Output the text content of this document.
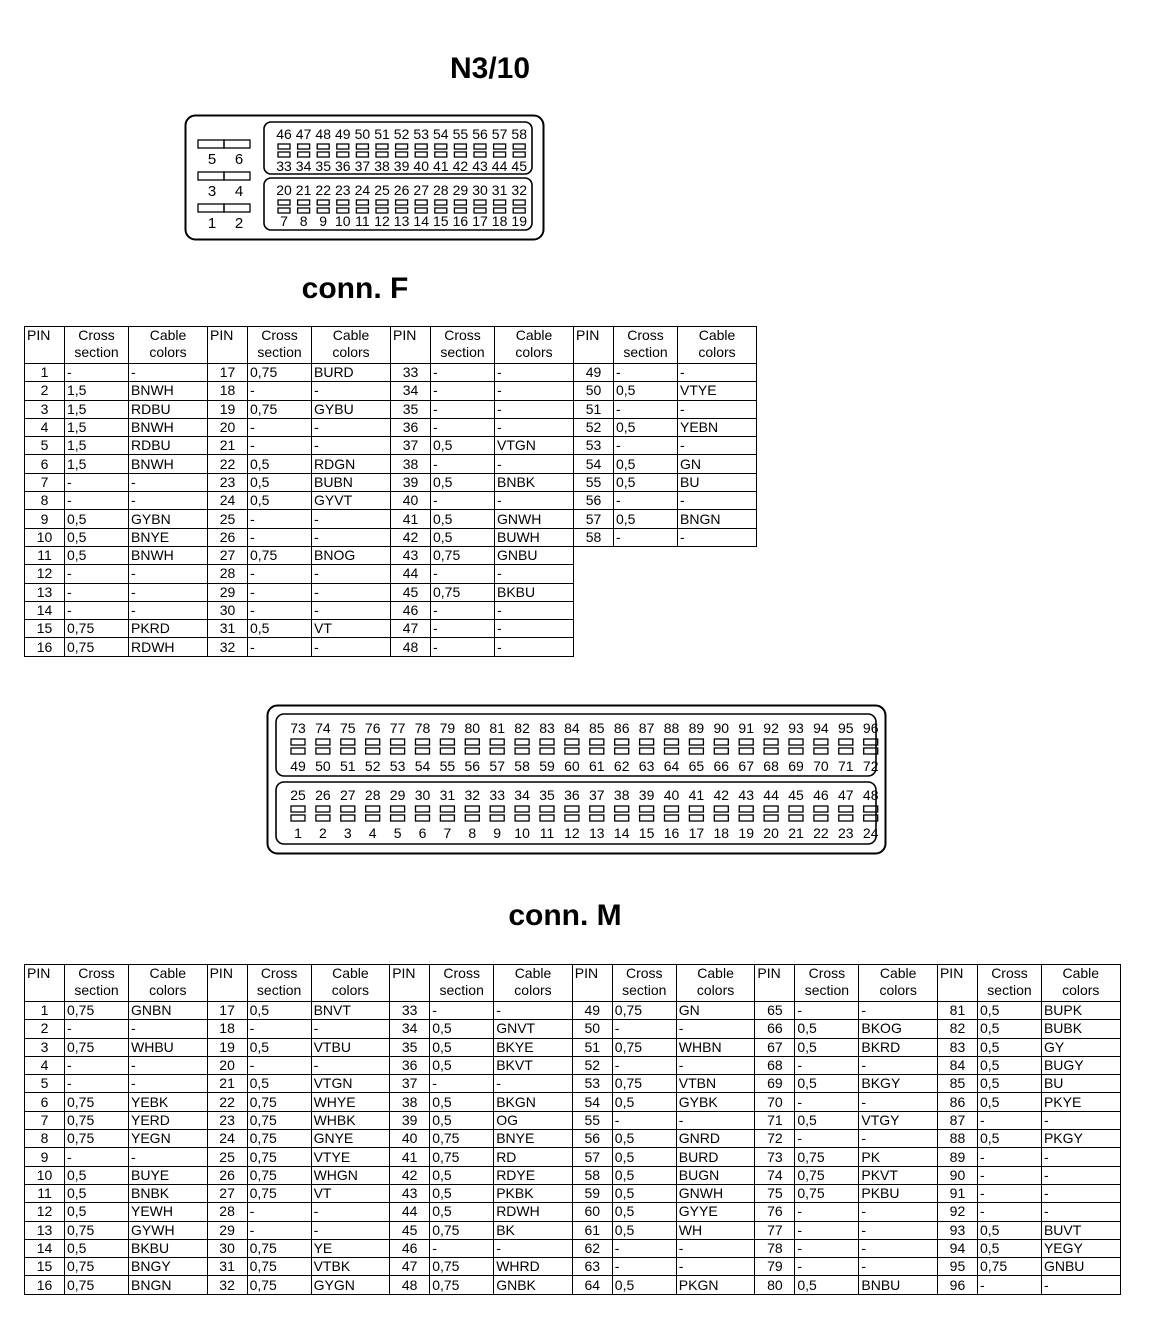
N3/10
5 6
3 4
1 2
46
33
20
7
47
34
21
8
48
35
22
9
49
36
23
10
50
37
24
11
51
38
25
12
52
39
26
13
53
40
27
14
54
41
28
15
55
42
29
16
56
43
30
17
57
44
31
18
58
45
32
19
conn. F
PIN	Cross
section	Cable
colors	PIN	Cross
section	Cable
colors	PIN	Cross
section	Cable
colors	PIN	Cross
section	Cable
colors
1	-	-	17	0,75	BURD	33	-	-	49	-	-
2	1,5	BNWH	18	-	-	34	-	-	50	0,5	VTYE
3	1,5	RDBU	19	0,75	GYBU	35	-	-	51	-	-
4	1,5	BNWH	20	-	-	36	-	-	52	0,5	YEBN
5	1,5	RDBU	21	-	-	37	0,5	VTGN	53	-	-
6	1,5	BNWH	22	0,5	RDGN	38	-	-	54	0,5	GN
7	-	-	23	0,5	BUBN	39	0,5	BNBK	55	0,5	BU
8	-	-	24	0,5	GYVT	40	-	-	56	-	-
9	0,5	GYBN	25	-	-	41	0,5	GNWH	57	0,5	BNGN
10	0,5	BNYE	26	-	-	42	0,5	BUWH	58	-	-
11	0,5	BNWH	27	0,75	BNOG	43	0,75	GNBU			
12	-	-	28	-	-	44	-	-			
13	-	-	29	-	-	45	0,75	BKBU			
14	-	-	30	-	-	46	-	-			
15	0,75	PKRD	31	0,5	VT	47	-	-			
16	0,75	RDWH	32	-	-	48	-	-			
73
49
25
1
74
50
26
2
75
51
27
3
76
52
28
4
77
53
29
5
78
54
30
6
79
55
31
7
80
56
32
8
81
57
33
9
82
58
34
10
83
59
35
11
84
60
36
12
85
61
37
13
86
62
38
14
87
63
39
15
88
64
40
16
89
65
41
17
90
66
42
18
91
67
43
19
92
68
44
20
93
69
45
21
94
70
46
22
95
71
47
23
96
72
48
24
conn. M
PIN	Cross
section	Cable
colors	PIN	Cross
section	Cable
colors	PIN	Cross
section	Cable
colors	PIN	Cross
section	Cable
colors	PIN	Cross
section	Cable
colors	PIN	Cross
section	Cable
colors
1	0,75	GNBN	17	0,5	BNVT	33	-	-	49	0,75	GN	65	-	-	81	0,5	BUPK
2	-	-	18	-	-	34	0,5	GNVT	50	-	-	66	0,5	BKOG	82	0,5	BUBK
3	0,75	WHBU	19	0,5	VTBU	35	0,5	BKYE	51	0,75	WHBN	67	0,5	BKRD	83	0,5	GY
4	-	-	20	-	-	36	0,5	BKVT	52	-	-	68	-	-	84	0,5	BUGY
5	-	-	21	0,5	VTGN	37	-	-	53	0,75	VTBN	69	0,5	BKGY	85	0,5	BU
6	0,75	YEBK	22	0,75	WHYE	38	0,5	BKGN	54	0,5	GYBK	70	-	-	86	0,5	PKYE
7	0,75	YERD	23	0,75	WHBK	39	0,5	OG	55	-	-	71	0,5	VTGY	87	-	-
8	0,75	YEGN	24	0,75	GNYE	40	0,75	BNYE	56	0,5	GNRD	72	-	-	88	0,5	PKGY
9	-	-	25	0,75	VTYE	41	0,75	RD	57	0,5	BURD	73	0,75	PK	89	-	-
10	0,5	BUYE	26	0,75	WHGN	42	0,5	RDYE	58	0,5	BUGN	74	0,75	PKVT	90	-	-
11	0,5	BNBK	27	0,75	VT	43	0,5	PKBK	59	0,5	GNWH	75	0,75	PKBU	91	-	-
12	0,5	YEWH	28	-	-	44	0,5	RDWH	60	0,5	GYYE	76	-	-	92	-	-
13	0,75	GYWH	29	-	-	45	0,75	BK	61	0,5	WH	77	-	-	93	0,5	BUVT
14	0,5	BKBU	30	0,75	YE	46	-	-	62	-	-	78	-	-	94	0,5	YEGY
15	0,75	BNGY	31	0,75	VTBK	47	0,75	WHRD	63	-	-	79	-	-	95	0,75	GNBU
16	0,75	BNGN	32	0,75	GYGN	48	0,75	GNBK	64	0,5	PKGN	80	0,5	BNBU	96	-	-
